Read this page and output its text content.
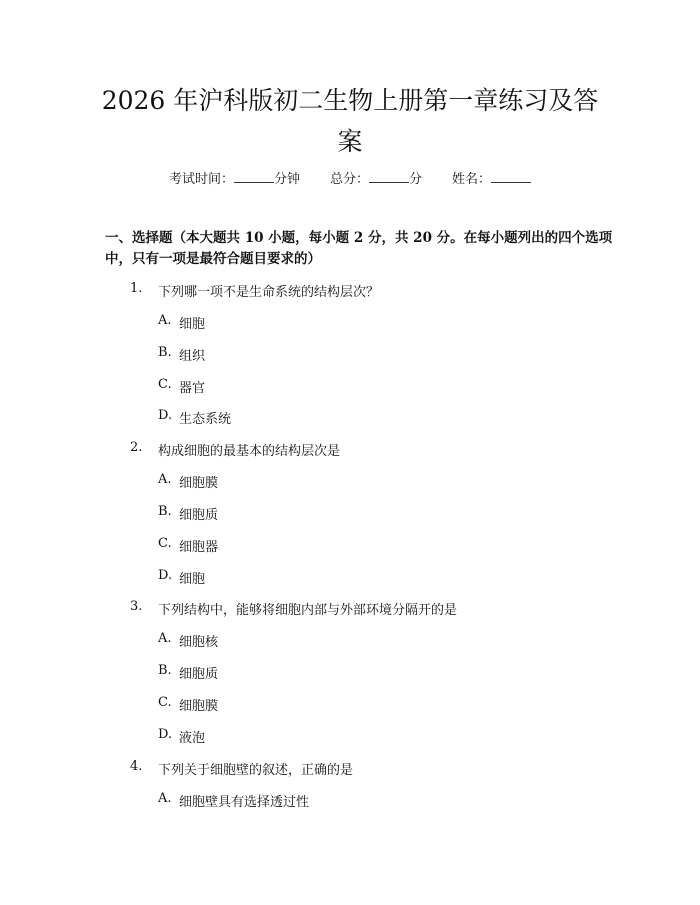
2026 年沪科版初二生物上册第一章练习及答案
考试时间：	分钟 总分：	分 姓名：

一、选择题（本大题共 10 小题，每小题 2 分，共 20 分。在每小题列出的四个选项中，只有一项是最符合题目要求的）

1. 下列哪一项不是生命系统的结构层次？
A. 细胞
B. 组织
C. 器官
D. 生态系统
2. 构成细胞的最基本的结构层次是
A. 细胞膜
B. 细胞质
C. 细胞器
D. 细胞
3. 下列结构中，能够将细胞内部与外部环境分隔开的是
A. 细胞核
B. 细胞质
C. 细胞膜
D. 液泡
4. 下列关于细胞壁的叙述，正确的是
A. 细胞壁具有选择透过性
